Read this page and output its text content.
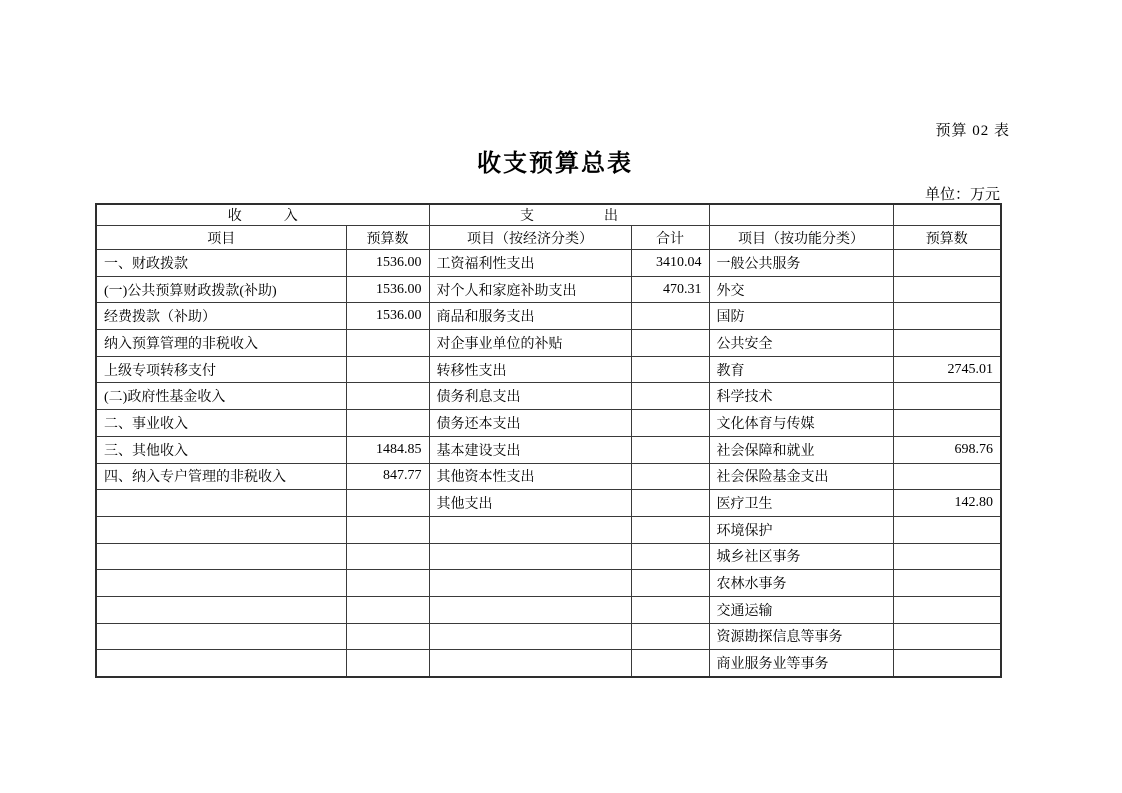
预算 02 表
收支预算总表
单位：万元
收　　　入		支　　　　　出			
项目	预算数	项目（按经济分类）	合计	项目（按功能分类）	预算数
一、财政拨款	1536.00	工资福利性支出	3410.04	一般公共服务	
(一)公共预算财政拨款(补助)	1536.00	对个人和家庭补助支出	470.31	外交	
经费拨款（补助）	1536.00	商品和服务支出		国防	
纳入预算管理的非税收入		对企事业单位的补贴		公共安全	
上级专项转移支付		转移性支出		教育	2745.01
(二)政府性基金收入		债务利息支出		科学技术	
二、事业收入		债务还本支出		文化体育与传媒	
三、其他收入	1484.85	基本建设支出		社会保障和就业	698.76
四、纳入专户管理的非税收入	847.77	其他资本性支出		社会保险基金支出	
		其他支出		医疗卫生	142.80
				环境保护	
				城乡社区事务	
				农林水事务	
				交通运输	
				资源勘探信息等事务	
				商业服务业等事务	
